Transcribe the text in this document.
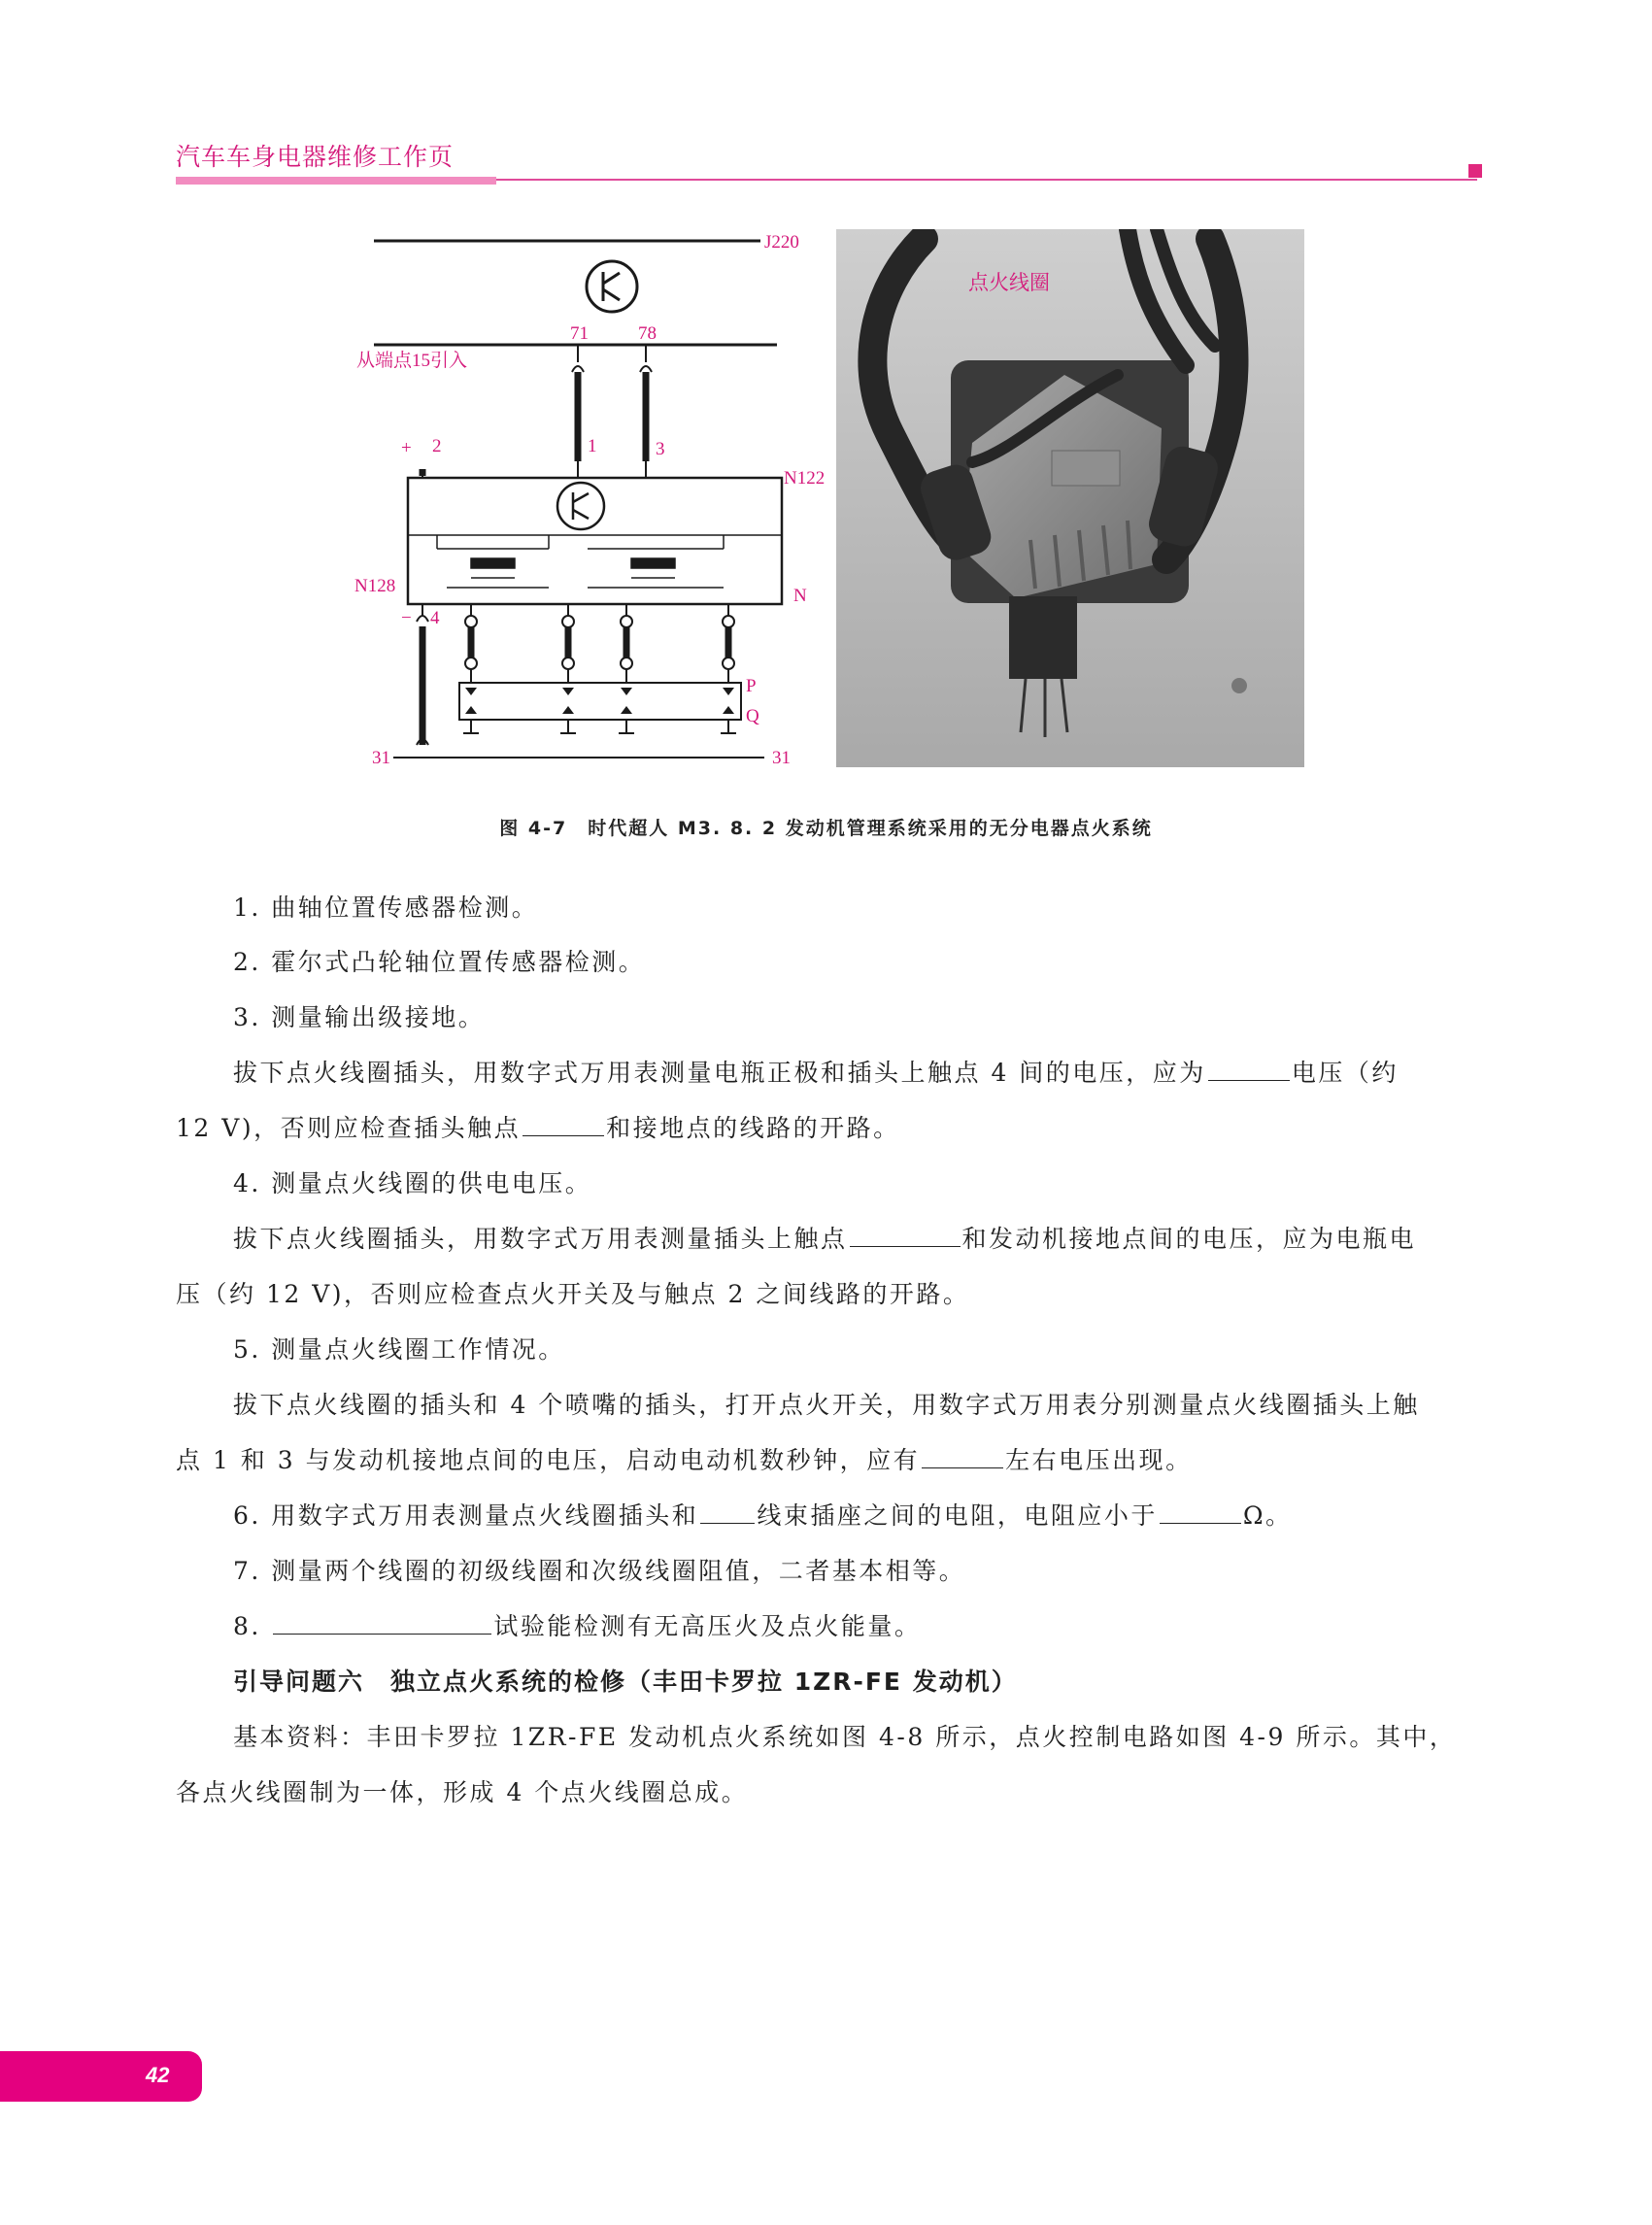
汽车车身电器维修工作页
J220
71	78
从端点15引入
+ 2	1	3
N122
N128	N
− 4
P
Q
31	31
点火线圈
图 4-7　时代超人 M3. 8. 2 发动机管理系统采用的无分电器点火系统
1. 曲轴位置传感器检测。
2. 霍尔式凸轮轴位置传感器检测。
3. 测量输出级接地。
拔下点火线圈插头，用数字式万用表测量电瓶正极和插头上触点 4 间的电压，应为	电压（约
12 V)，否则应检查插头触点	和接地点的线路的开路。
4. 测量点火线圈的供电电压。
拔下点火线圈插头，用数字式万用表测量插头上触点	和发动机接地点间的电压，应为电瓶电
压（约 12 V)，否则应检查点火开关及与触点 2 之间线路的开路。
5. 测量点火线圈工作情况。
拔下点火线圈的插头和 4 个喷嘴的插头，打开点火开关，用数字式万用表分别测量点火线圈插头上触
点 1 和 3 与发动机接地点间的电压，启动电动机数秒钟，应有	左右电压出现。
6. 用数字式万用表测量点火线圈插头和 线束插座之间的电阻，电阻应小于	Ω。
7. 测量两个线圈的初级线圈和次级线圈阻值，二者基本相等。
8.	试验能检测有无高压火及点火能量。
引导问题六　独立点火系统的检修（丰田卡罗拉 1ZR-FE 发动机）
基本资料：丰田卡罗拉 1ZR-FE 发动机点火系统如图 4-8 所示，点火控制电路如图 4-9 所示。其中，
各点火线圈制为一体，形成 4 个点火线圈总成。
42
